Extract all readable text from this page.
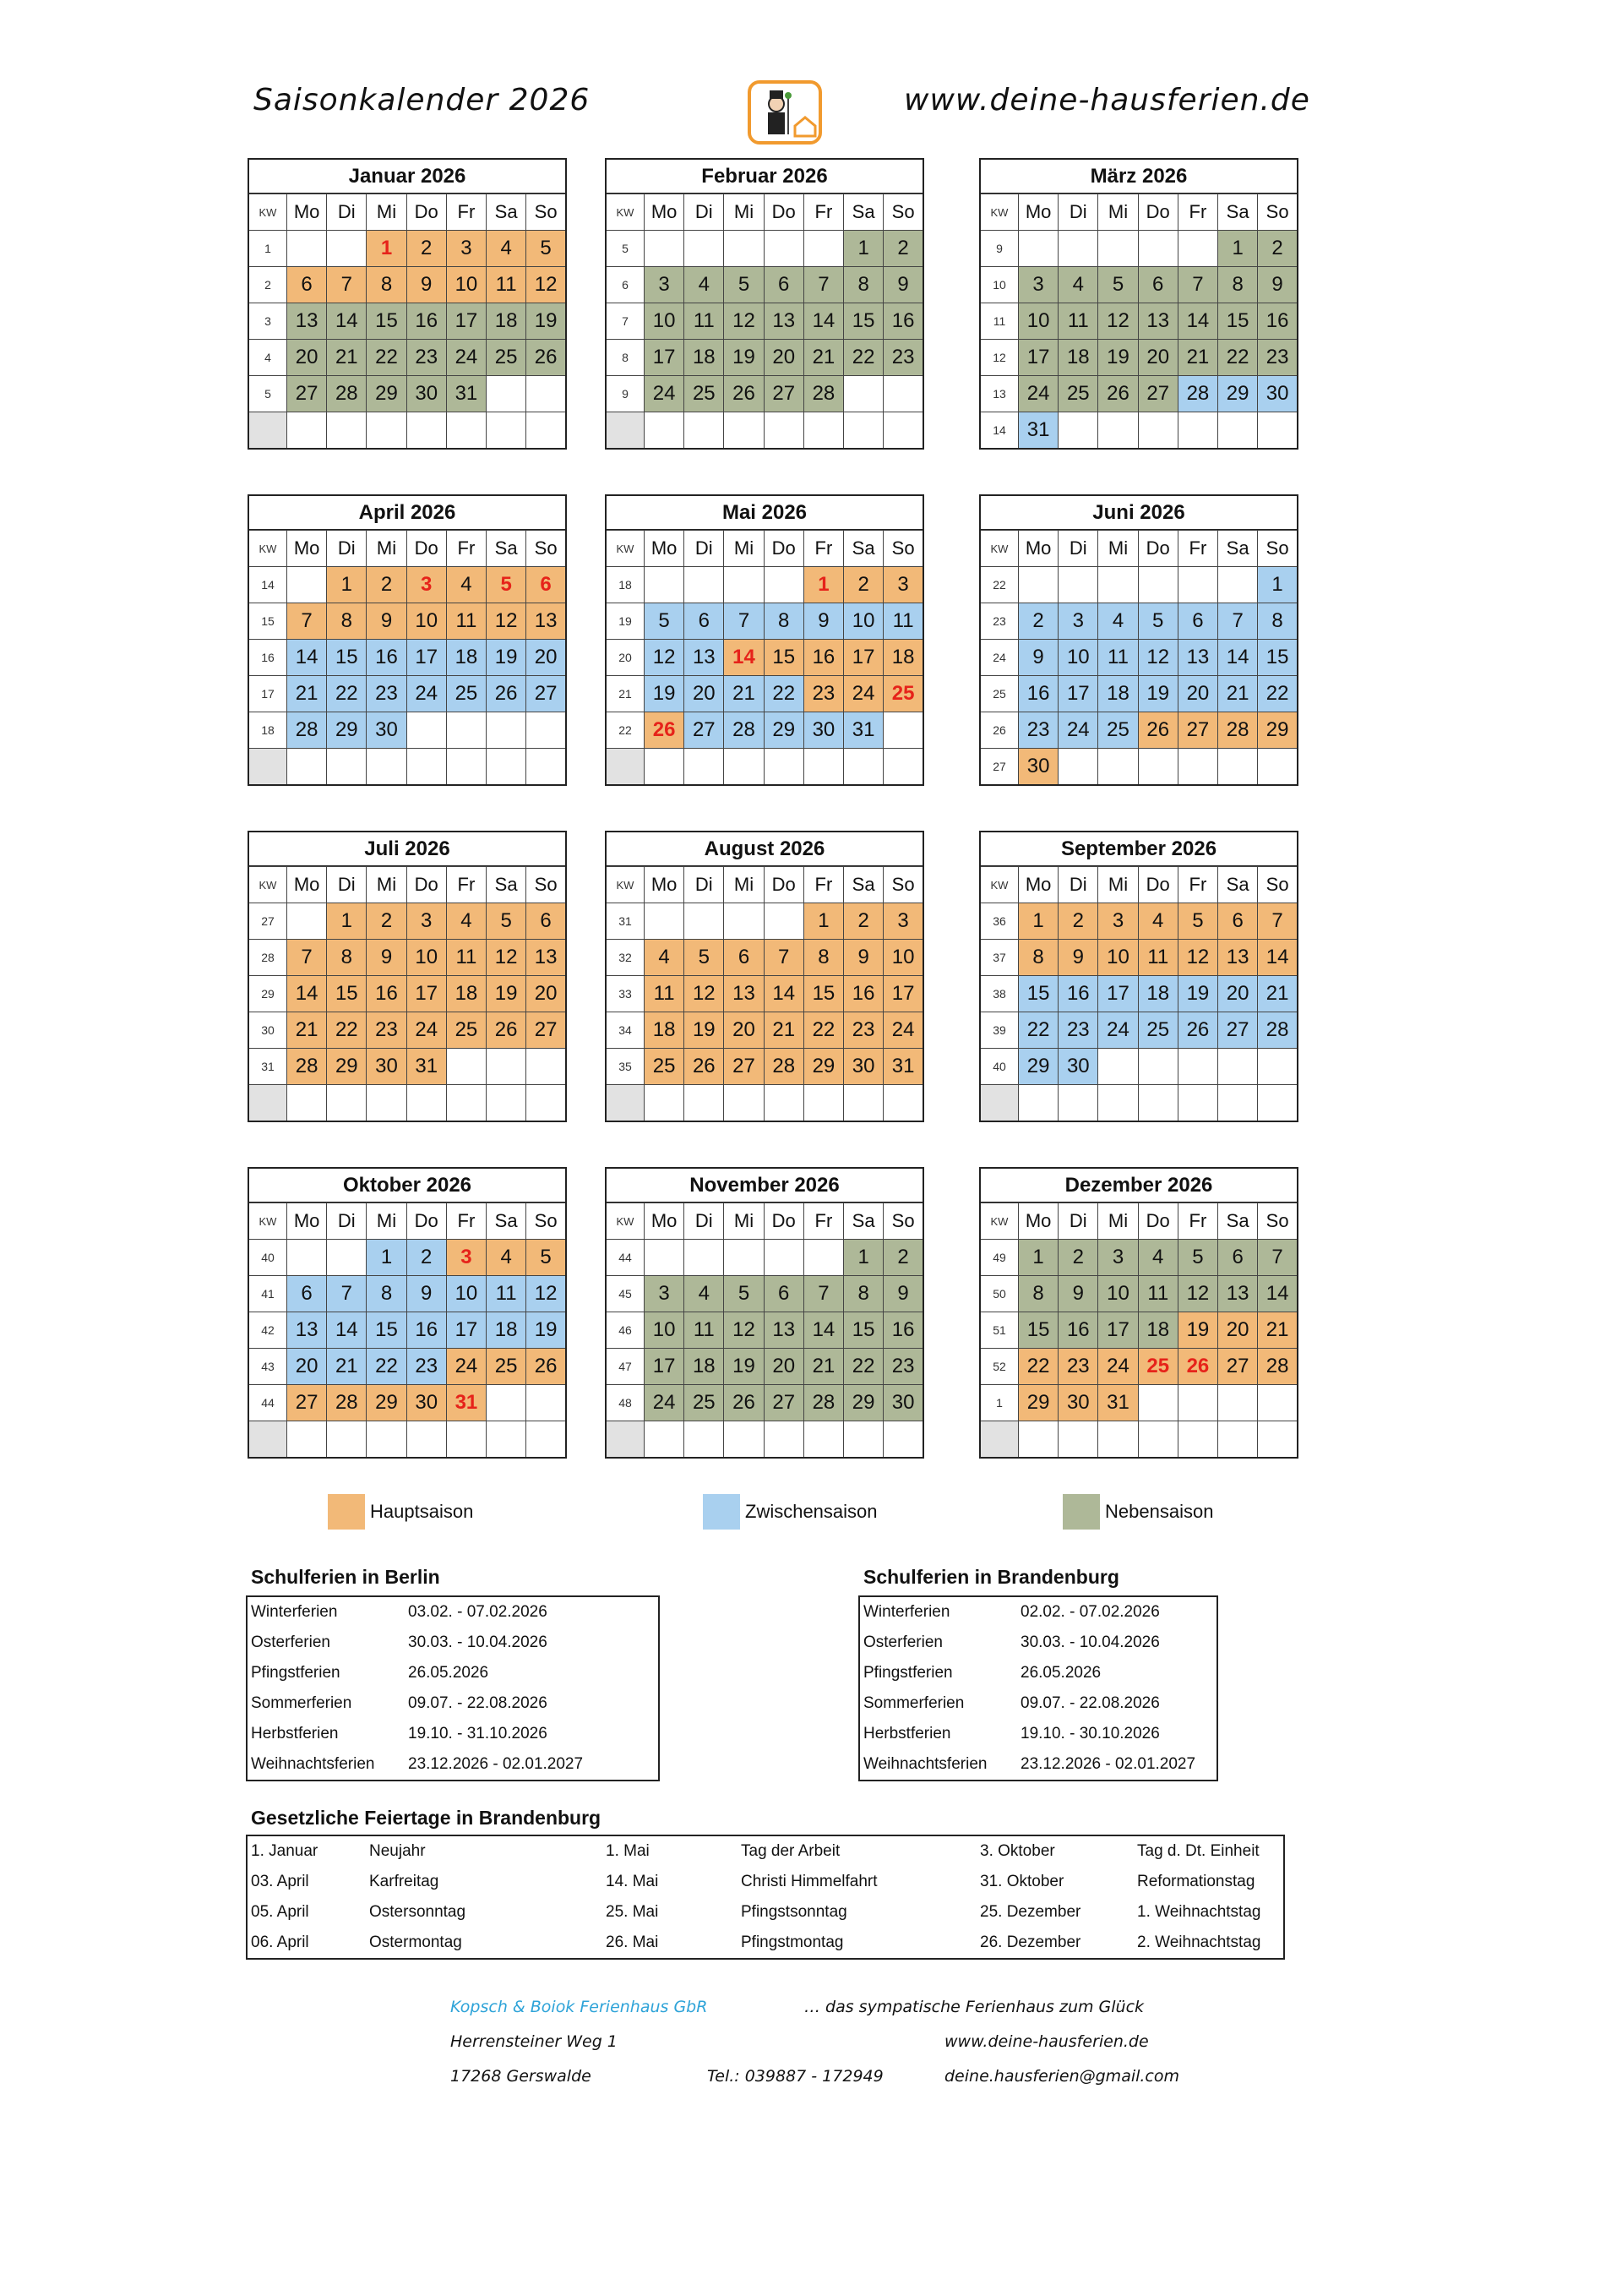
Saisonkalender 2026	www.deine-hausferien.de
Januar 2026
KW	Mo	Di	Mi	Do	Fr	Sa	So
1			1	2	3	4	5
2	6	7	8	9	10	11	12
3	13	14	15	16	17	18	19
4	20	21	22	23	24	25	26
5	27	28	29	30	31		

Februar 2026
KW	Mo	Di	Mi	Do	Fr	Sa	So
5						1	2
6	3	4	5	6	7	8	9
7	10	11	12	13	14	15	16
8	17	18	19	20	21	22	23
9	24	25	26	27	28		

März 2026
KW	Mo	Di	Mi	Do	Fr	Sa	So
9						1	2
10	3	4	5	6	7	8	9
11	10	11	12	13	14	15	16
12	17	18	19	20	21	22	23
13	24	25	26	27	28	29	30
14	31						
April 2026
KW	Mo	Di	Mi	Do	Fr	Sa	So
14		1	2	3	4	5	6
15	7	8	9	10	11	12	13
16	14	15	16	17	18	19	20
17	21	22	23	24	25	26	27
18	28	29	30				

Mai 2026
KW	Mo	Di	Mi	Do	Fr	Sa	So
18					1	2	3
19	5	6	7	8	9	10	11
20	12	13	14	15	16	17	18
21	19	20	21	22	23	24	25
22	26	27	28	29	30	31	

Juni 2026
KW	Mo	Di	Mi	Do	Fr	Sa	So
22							1
23	2	3	4	5	6	7	8
24	9	10	11	12	13	14	15
25	16	17	18	19	20	21	22
26	23	24	25	26	27	28	29
27	30						
Juli 2026
KW	Mo	Di	Mi	Do	Fr	Sa	So
27		1	2	3	4	5	6
28	7	8	9	10	11	12	13
29	14	15	16	17	18	19	20
30	21	22	23	24	25	26	27
31	28	29	30	31			

August 2026
KW	Mo	Di	Mi	Do	Fr	Sa	So
31					1	2	3
32	4	5	6	7	8	9	10
33	11	12	13	14	15	16	17
34	18	19	20	21	22	23	24
35	25	26	27	28	29	30	31

September 2026
KW	Mo	Di	Mi	Do	Fr	Sa	So
36	1	2	3	4	5	6	7
37	8	9	10	11	12	13	14
38	15	16	17	18	19	20	21
39	22	23	24	25	26	27	28
40	29	30					

Oktober 2026
KW	Mo	Di	Mi	Do	Fr	Sa	So
40			1	2	3	4	5
41	6	7	8	9	10	11	12
42	13	14	15	16	17	18	19
43	20	21	22	23	24	25	26
44	27	28	29	30	31		

November 2026
KW	Mo	Di	Mi	Do	Fr	Sa	So
44						1	2
45	3	4	5	6	7	8	9
46	10	11	12	13	14	15	16
47	17	18	19	20	21	22	23
48	24	25	26	27	28	29	30

Dezember 2026
KW	Mo	Di	Mi	Do	Fr	Sa	So
49	1	2	3	4	5	6	7
50	8	9	10	11	12	13	14
51	15	16	17	18	19	20	21
52	22	23	24	25	26	27	28
1	29	30	31				

Hauptsaison	Zwischensaison	Nebensaison
Schulferien in Berlin
Winterferien	03.02. - 07.02.2026
Osterferien	30.03. - 10.04.2026
Pfingstferien	26.05.2026
Sommerferien	09.07. - 22.08.2026
Herbstferien	19.10. - 31.10.2026
Weihnachtsferien	23.12.2026 - 02.01.2027
Schulferien in Brandenburg
Winterferien	02.02. - 07.02.2026
Osterferien	30.03. - 10.04.2026
Pfingstferien	26.05.2026
Sommerferien	09.07. - 22.08.2026
Herbstferien	19.10. - 30.10.2026
Weihnachtsferien	23.12.2026 - 02.01.2027
Gesetzliche Feiertage in Brandenburg
1. Januar	Neujahr	1. Mai	Tag der Arbeit	3. Oktober	Tag d. Dt. Einheit
03. April	Karfreitag	14. Mai	Christi Himmelfahrt	31. Oktober	Reformationstag
05. April	Ostersonntag	25. Mai	Pfingstsonntag	25. Dezember	1. Weihnachtstag
06. April	Ostermontag	26. Mai	Pfingstmontag	26. Dezember	2. Weihnachtstag
Kopsch & Boiok Ferienhaus GbR	… das sympatische Ferienhaus zum Glück
Herrensteiner Weg 1	www.deine-hausferien.de
17268 Gerswalde	Tel.: 039887 - 172949	deine.hausferien@gmail.com
